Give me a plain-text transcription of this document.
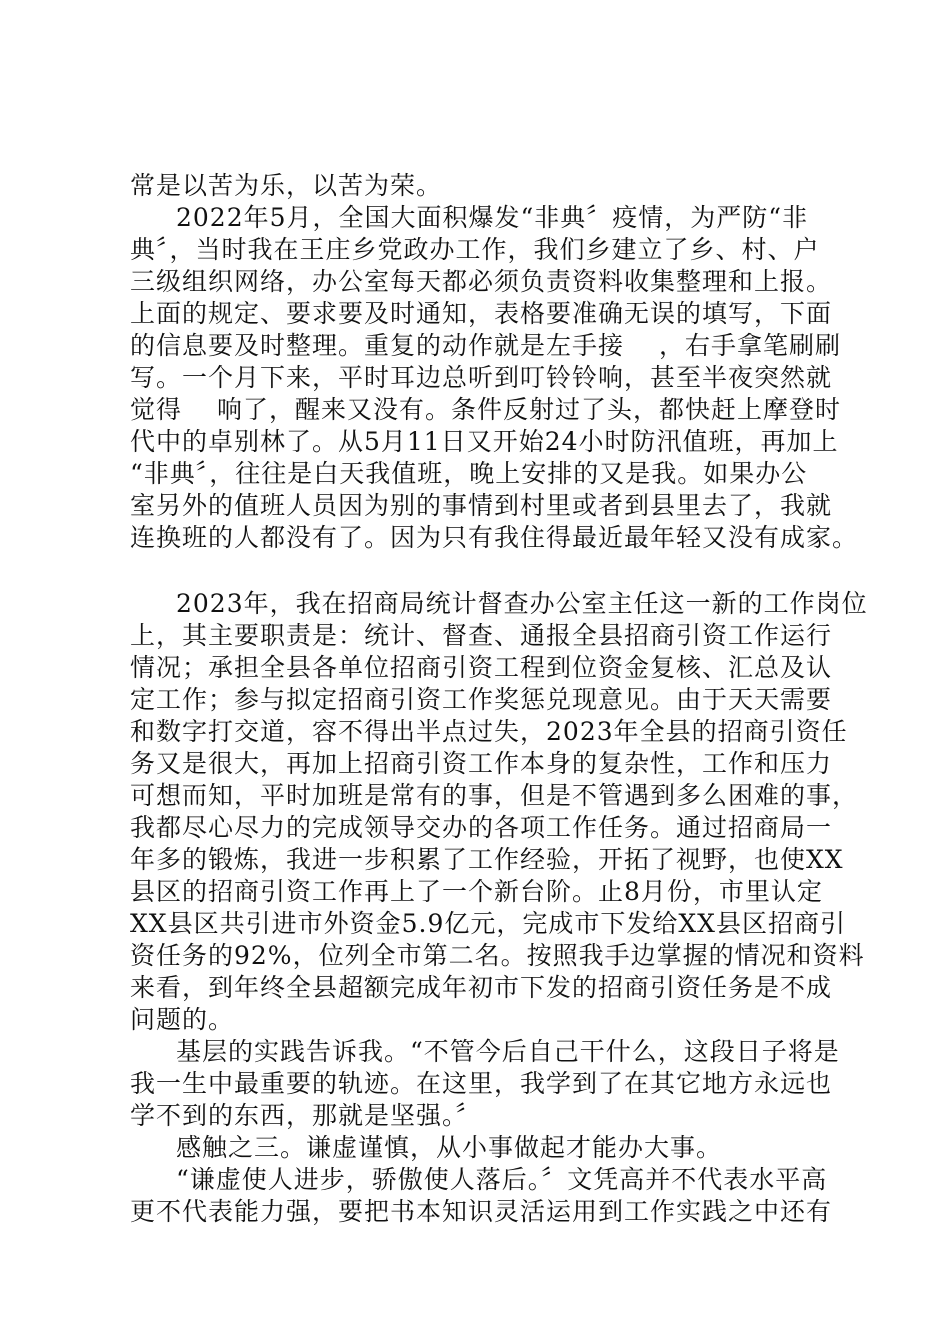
常是以苦为乐，以苦为荣。
2022年5月，全国大面积爆发“非典〞疫情，为严防“非
典〞，当时我在王庄乡党政办工作，我们乡建立了乡、村、户
三级组织网络，办公室每天都必须负责资料收集整理和上报。
上面的规定、要求要及时通知，表格要准确无误的填写，下面
的信息要及时整理。重复的动作就是左手接　 ，右手拿笔刷刷
写。一个月下来，平时耳边总听到叮铃铃响，甚至半夜突然就
觉得　 响了，醒来又没有。条件反射过了头，都快赶上摩登时
代中的卓别林了。从5月11日又开始24小时防汛值班，再加上
“非典〞，往往是白天我值班，晚上安排的又是我。如果办公
室另外的值班人员因为别的事情到村里或者到县里去了，我就
连换班的人都没有了。因为只有我住得最近最年轻又没有成家。
2023年，我在招商局统计督查办公室主任这一新的工作岗位
上，其主要职责是：统计、督查、通报全县招商引资工作运行
情况；承担全县各单位招商引资工程到位资金复核、汇总及认
定工作；参与拟定招商引资工作奖惩兑现意见。由于天天需要
和数字打交道，容不得出半点过失，2023年全县的招商引资任
务又是很大，再加上招商引资工作本身的复杂性，工作和压力
可想而知，平时加班是常有的事，但是不管遇到多么困难的事，
我都尽心尽力的完成领导交办的各项工作任务。通过招商局一
年多的锻炼，我进一步积累了工作经验，开拓了视野，也使XX
县区的招商引资工作再上了一个新台阶。止8月份，市里认定
XX县区共引进市外资金5.9亿元，完成市下发给XX县区招商引
资任务的92%，位列全市第二名。按照我手边掌握的情况和资料
来看，到年终全县超额完成年初市下发的招商引资任务是不成
问题的。
基层的实践告诉我。“不管今后自己干什么，这段日子将是
我一生中最重要的轨迹。在这里，我学到了在其它地方永远也
学不到的东西，那就是坚强。〞
感触之三。谦虚谨慎，从小事做起才能办大事。
“谦虚使人进步，骄傲使人落后。〞文凭高并不代表水平高
更不代表能力强，要把书本知识灵活运用到工作实践之中还有
